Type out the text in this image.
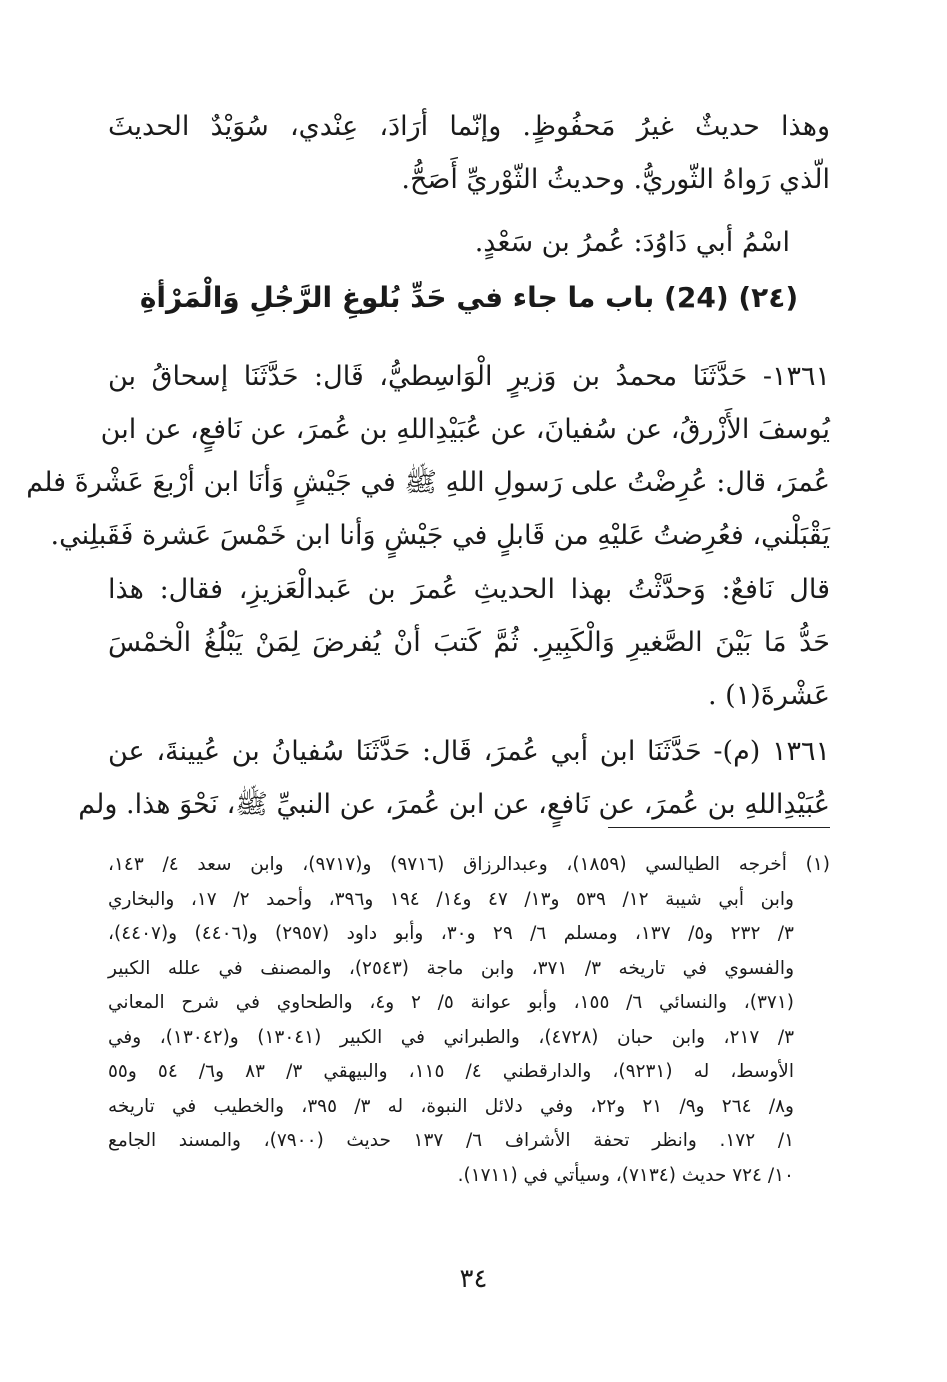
وهذا حديثٌ غيرُ مَحفُوظٍ. وإنّما أرَادَ، عِنْدي، سُوَيْدٌ الحديثَ
الّذي رَواهُ الثّوريُّ. وحديثُ الثّوْريِّ أَصَحُّ.
اسْمُ أبي دَاوُدَ: عُمرُ بن سَعْدٍ.
(٢٤) (24) باب ما جاء في حَدِّ بُلوغِ الرَّجُلِ وَالْمَرْأةِ
١٣٦١- حَدَّثَنَا محمدُ بن وَزيرٍ الْوَاسِطيُّ، قَال: حَدَّثَنَا إسحاقُ بن
يُوسفَ الأَزْرقُ، عن سُفيانَ، عن عُبَيْدِاللهِ بن عُمرَ، عن نَافعٍ، عن ابن
عُمرَ، قال: عُرِضْتُ على رَسولِ اللهِ ﷺ في جَيْشٍ وَأنَا ابن أرْبعَ عَشْرةَ فلم
يَقْبَلْني، فعُرِضتُ عَليْهِ من قَابلٍ في جَيْشٍ وَأنا ابن خَمْسَ عَشرة فَقَبلِني.
قال نَافعٌ: وَحدَّثْتُ بهذا الحديثِ عُمرَ بن عَبدالْعَزيزِ، فقال: هذا
حَدُّ مَا بَيْنَ الصَّغيرِ وَالْكَبِيرِ. ثُمَّ كَتبَ أنْ يُفرضَ لِمَنْ يَبْلُغُ الْخمْسَ
عَشْرةَ(١) .
١٣٦١ (م)- حَدَّثَنَا ابن أبي عُمرَ، قَال: حَدَّثَنَا سُفيانُ بن عُيينةَ، عن
عُبَيْدِاللهِ بن عُمرَ، عن نَافعٍ، عن ابن عُمرَ، عن النبيِّ ﷺ، نَحْوَ هذا. ولم
(١) أخرجه الطيالسي (١٨٥٩)، وعبدالرزاق (٩٧١٦) و(٩٧١٧)، وابن سعد ٤/ ١٤٣،
وابن أبي شيبة ١٢/ ٥٣٩ و١٣/ ٤٧ و١٤/ ١٩٤ و٣٩٦، وأحمد ٢/ ١٧، والبخاري
٣/ ٢٣٢ و٥/ ١٣٧، ومسلم ٦/ ٢٩ و٣٠، وأبو داود (٢٩٥٧) و(٤٤٠٦) و(٤٤٠٧)،
والفسوي في تاريخه ٣/ ٣٧١، وابن ماجة (٢٥٤٣)، والمصنف في علله الكبير
(٣٧١)، والنسائي ٦/ ١٥٥، وأبو عوانة ٥/ ٢ و٤، والطحاوي في شرح المعاني
٣/ ٢١٧، وابن حبان (٤٧٢٨)، والطبراني في الكبير (١٣٠٤١) و(١٣٠٤٢)، وفي
الأوسط، له (٩٢٣١)، والدارقطني ٤/ ١١٥، والبيهقي ٣/ ٨٣ و٦/ ٥٤ و٥٥
و٨/ ٢٦٤ و٩/ ٢١ و٢٢، وفي دلائل النبوة، له ٣/ ٣٩٥، والخطيب في تاريخه
١/ ١٧٢. وانظر تحفة الأشراف ٦/ ١٣٧ حديث (٧٩٠٠)، والمسند الجامع
١٠/ ٧٢٤ حديث (٧١٣٤)، وسيأتي في (١٧١١).
٣٤
